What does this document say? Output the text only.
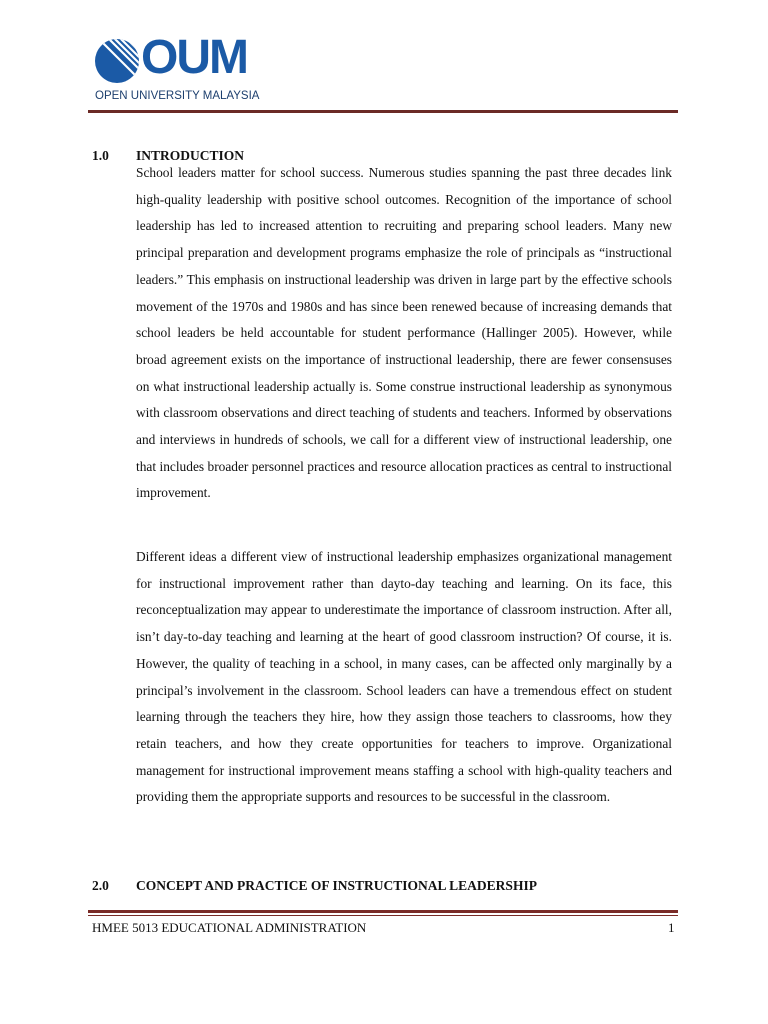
OUM
OPEN UNIVERSITY MALAYSIA
1.0 INTRODUCTION

School leaders matter for school success. Numerous studies spanning the past three decades link high-quality leadership with positive school outcomes. Recognition of the importance of school leadership has led to increased attention to recruiting and preparing school leaders. Many new principal preparation and development programs emphasize the role of principals as “instructional leaders.” This emphasis on instructional leadership was driven in large part by the effective schools movement of the 1970s and 1980s and has since been renewed because of increasing demands that school leaders be held accountable for student performance (Hallinger 2005). However, while broad agreement exists on the importance of instructional leadership, there are fewer consensuses on what instructional leadership actually is. Some construe instructional leadership as synonymous with classroom observations and direct teaching of students and teachers. Informed by observations and interviews in hundreds of schools, we call for a different view of instructional leadership, one that includes broader personnel practices and resource allocation practices as central to instructional improvement.

Different ideas a different view of instructional leadership emphasizes organizational management for instructional improvement rather than dayto-day teaching and learning. On its face, this reconceptualization may appear to underestimate the importance of classroom instruction. After all, isn’t day-to-day teaching and learning at the heart of good classroom instruction? Of course, it is. However, the quality of teaching in a school, in many cases, can be affected only marginally by a principal’s involvement in the classroom. School leaders can have a tremendous effect on student learning through the teachers they hire, how they assign those teachers to classrooms, how they retain teachers, and how they create opportunities for teachers to improve. Organizational management for instructional improvement means staffing a school with high-quality teachers and providing them the appropriate supports and resources to be successful in the classroom.

2.0 CONCEPT AND PRACTICE OF INSTRUCTIONAL LEADERSHIP
HMEE 5013 EDUCATIONAL ADMINISTRATION	1
